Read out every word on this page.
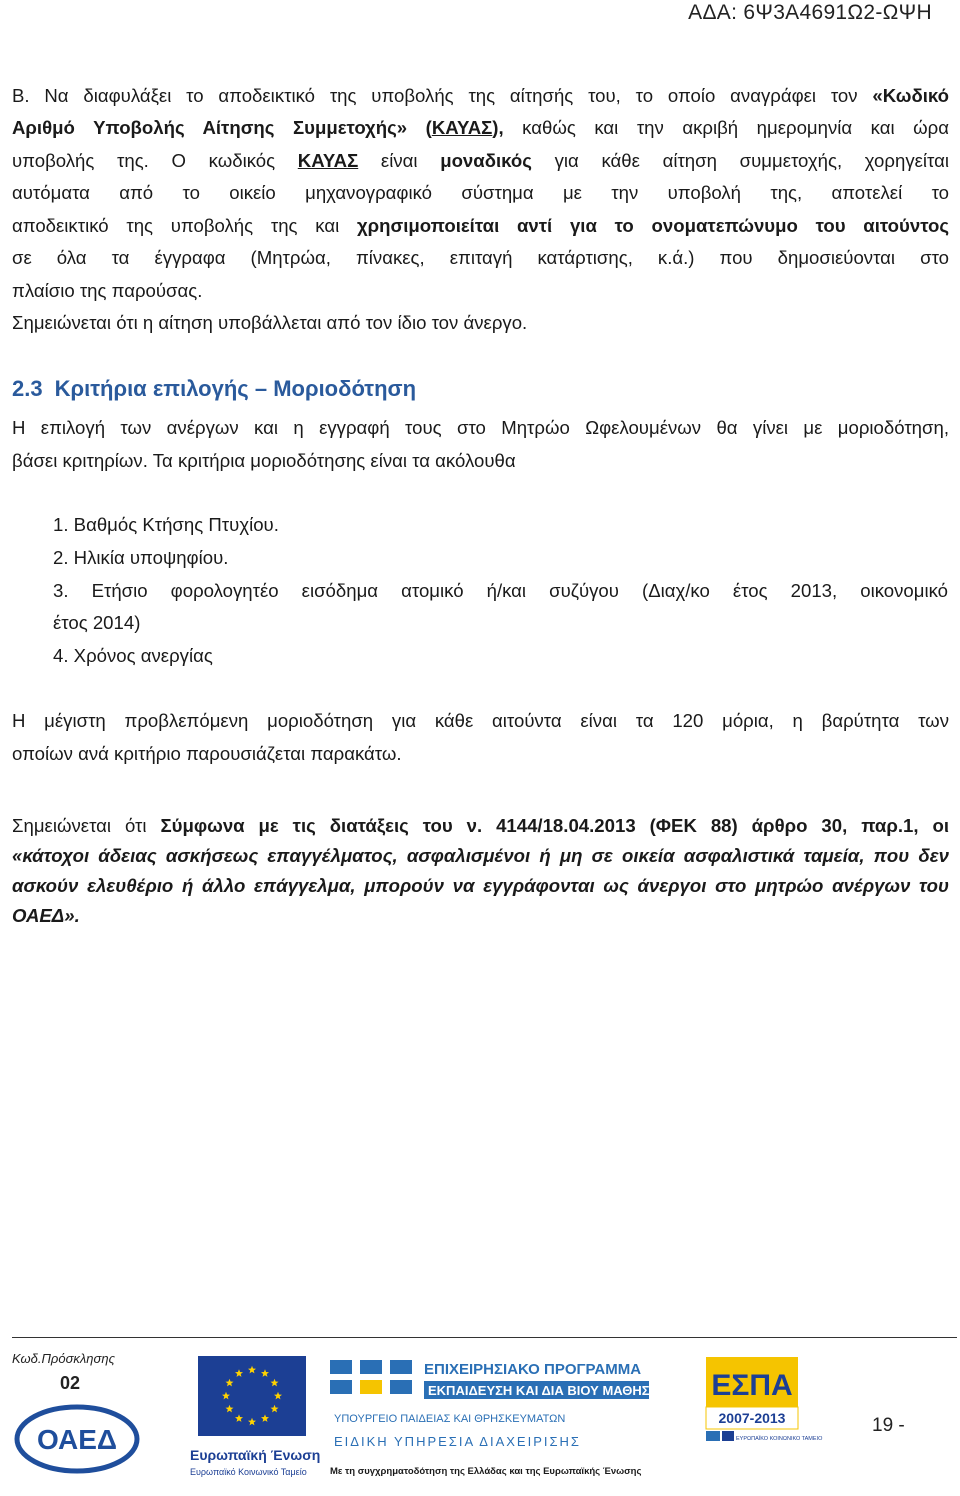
ΑΔΑ: 6Ψ3Α4691Ω2-ΩΨΗ

Β. Να διαφυλάξει το αποδεικτικό της υποβολής της αίτησής του, το οποίο αναγράφει τον «Κωδικό

Αριθμό Υποβολής Αίτησης Συμμετοχής» (ΚΑΥΑΣ), καθώς και την ακριβή ημερομηνία και ώρα

υποβολής της. Ο κωδικός ΚΑΥΑΣ είναι μοναδικός για κάθε αίτηση συμμετοχής, χορηγείται

αυτόματα από το οικείο μηχανογραφικό σύστημα με την υποβολή της, αποτελεί το

αποδεικτικό της υποβολής της και χρησιμοποιείται αντί για το ονοματεπώνυμο του αιτούντος

σε όλα τα έγγραφα (Μητρώα, πίνακες, επιταγή κατάρτισης, κ.ά.) που δημοσιεύονται στο

πλαίσιο της παρούσας.

Σημειώνεται ότι η αίτηση υποβάλλεται από τον ίδιο τον άνεργο.

2.3 Κριτήρια επιλογής – Μοριοδότηση

Η επιλογή των ανέργων και η εγγραφή τους στο Μητρώο Ωφελουμένων θα γίνει με μοριοδότηση,

βάσει κριτηρίων. Τα κριτήρια μοριοδότησης είναι τα ακόλουθα

1. Βαθμός Κτήσης Πτυχίου.

2. Ηλικία υποψηφίου.

3. Ετήσιο φορολογητέο εισόδημα ατομικό ή/και συζύγου (Διαχ/κο έτος 2013, οικονομικό

έτος 2014)

4. Χρόνος ανεργίας

Η μέγιστη προβλεπόμενη μοριοδότηση για κάθε αιτούντα είναι τα 120 μόρια, η βαρύτητα των

οποίων ανά κριτήριο παρουσιάζεται παρακάτω.

Σημειώνεται ότι Σύμφωνα με τις διατάξεις του ν. 4144/18.04.2013 (ΦΕΚ 88) άρθρο 30, παρ.1, οι

«κάτοχοι άδειας ασκήσεως επαγγέλματος, ασφαλισμένοι ή μη σε οικεία ασφαλιστικά ταμεία, που δεν

ασκούν ελευθέριο ή άλλο επάγγελμα, μπορούν να εγγράφονται ως άνεργοι στο μητρώο ανέργων του

ΟΑΕΔ».

Κωδ.Πρόσκλησης
02
ΟΑΕΔ	Ευρωπαϊκή Ένωση
Ευρωπαϊκό Κοινωνικό Ταμείο
ΕΠΙΧΕΙΡΗΣΙΑΚΟ ΠΡΟΓΡΑΜΜΑ
ΕΚΠΑΙΔΕΥΣΗ ΚΑΙ ΔΙΑ ΒΙΟΥ ΜΑΘΗΣΗ
ΥΠΟΥΡΓΕΙΟ ΠΑΙΔΕΙΑΣ ΚΑΙ ΘΡΗΣΚΕΥΜΑΤΩΝ
ΕΙΔΙΚΗ ΥΠΗΡΕΣΙΑ ΔΙΑΧΕΙΡΙΣΗΣ
Με τη συγχρηματοδότηση της Ελλάδας και της Ευρωπαϊκής Ένωσης
ΕΣΠΑ
2007-2013
ΕΥΡΩΠΑΪΚΟ ΚΟΙΝΩΝΙΚΟ ΤΑΜΕΙΟ
19 -
